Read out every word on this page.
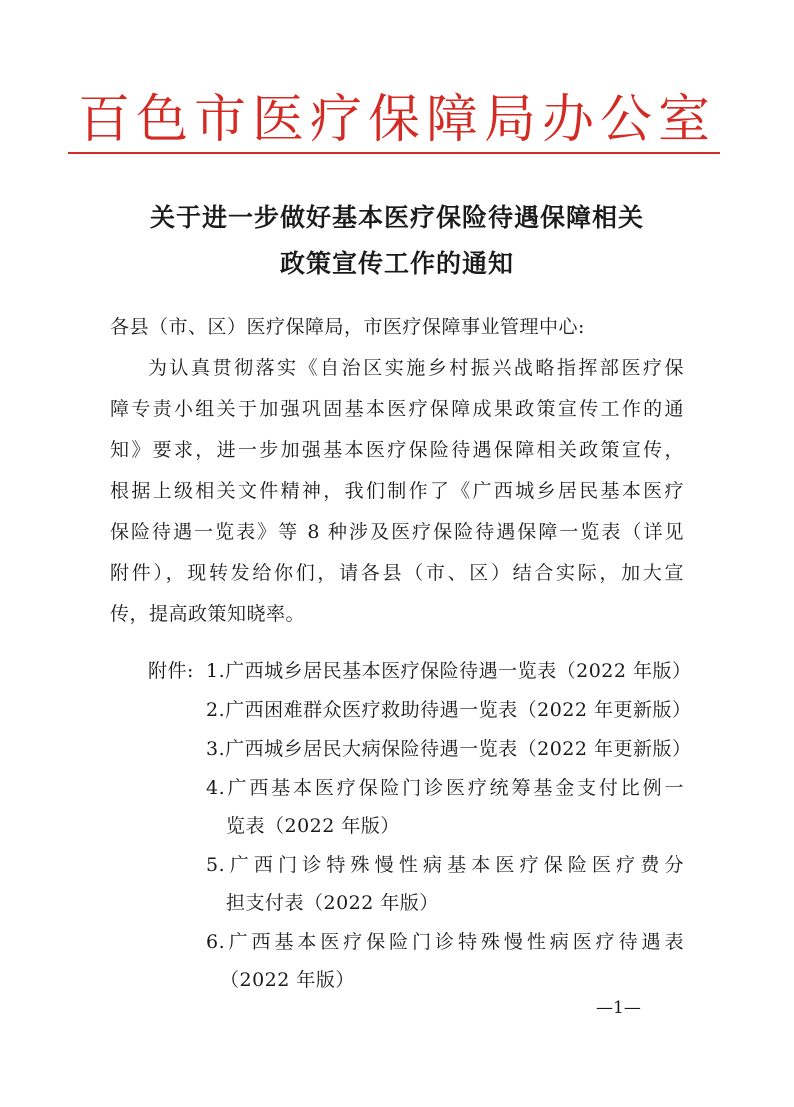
百色市医疗保障局办公室
关于进一步做好基本医疗保险待遇保障相关
政策宣传工作的通知
各县（市、区）医疗保障局，市医疗保障事业管理中心:
为认真贯彻落实《自治区实施乡村振兴战略指挥部医疗保
障专责小组关于加强巩固基本医疗保障成果政策宣传工作的通
知》要求，进一步加强基本医疗保险待遇保障相关政策宣传，
根据上级相关文件精神，我们制作了《广西城乡居民基本医疗
保险待遇一览表》等 8 种涉及医疗保险待遇保障一览表（详见
附件），现转发给你们，请各县（市、区）结合实际，加大宣
传，提高政策知晓率。
附件: 1.广西城乡居民基本医疗保险待遇一览表（2022 年版）
2.广西困难群众医疗救助待遇一览表（2022 年更新版）
3.广西城乡居民大病保险待遇一览表（2022 年更新版）
4.广西基本医疗保险门诊医疗统筹基金支付比例一
览表（2022 年版）
5.广西门诊特殊慢性病基本医疗保险医疗费分
担支付表（2022 年版）
6.广西基本医疗保险门诊特殊慢性病医疗待遇表
（2022 年版）
—1—
